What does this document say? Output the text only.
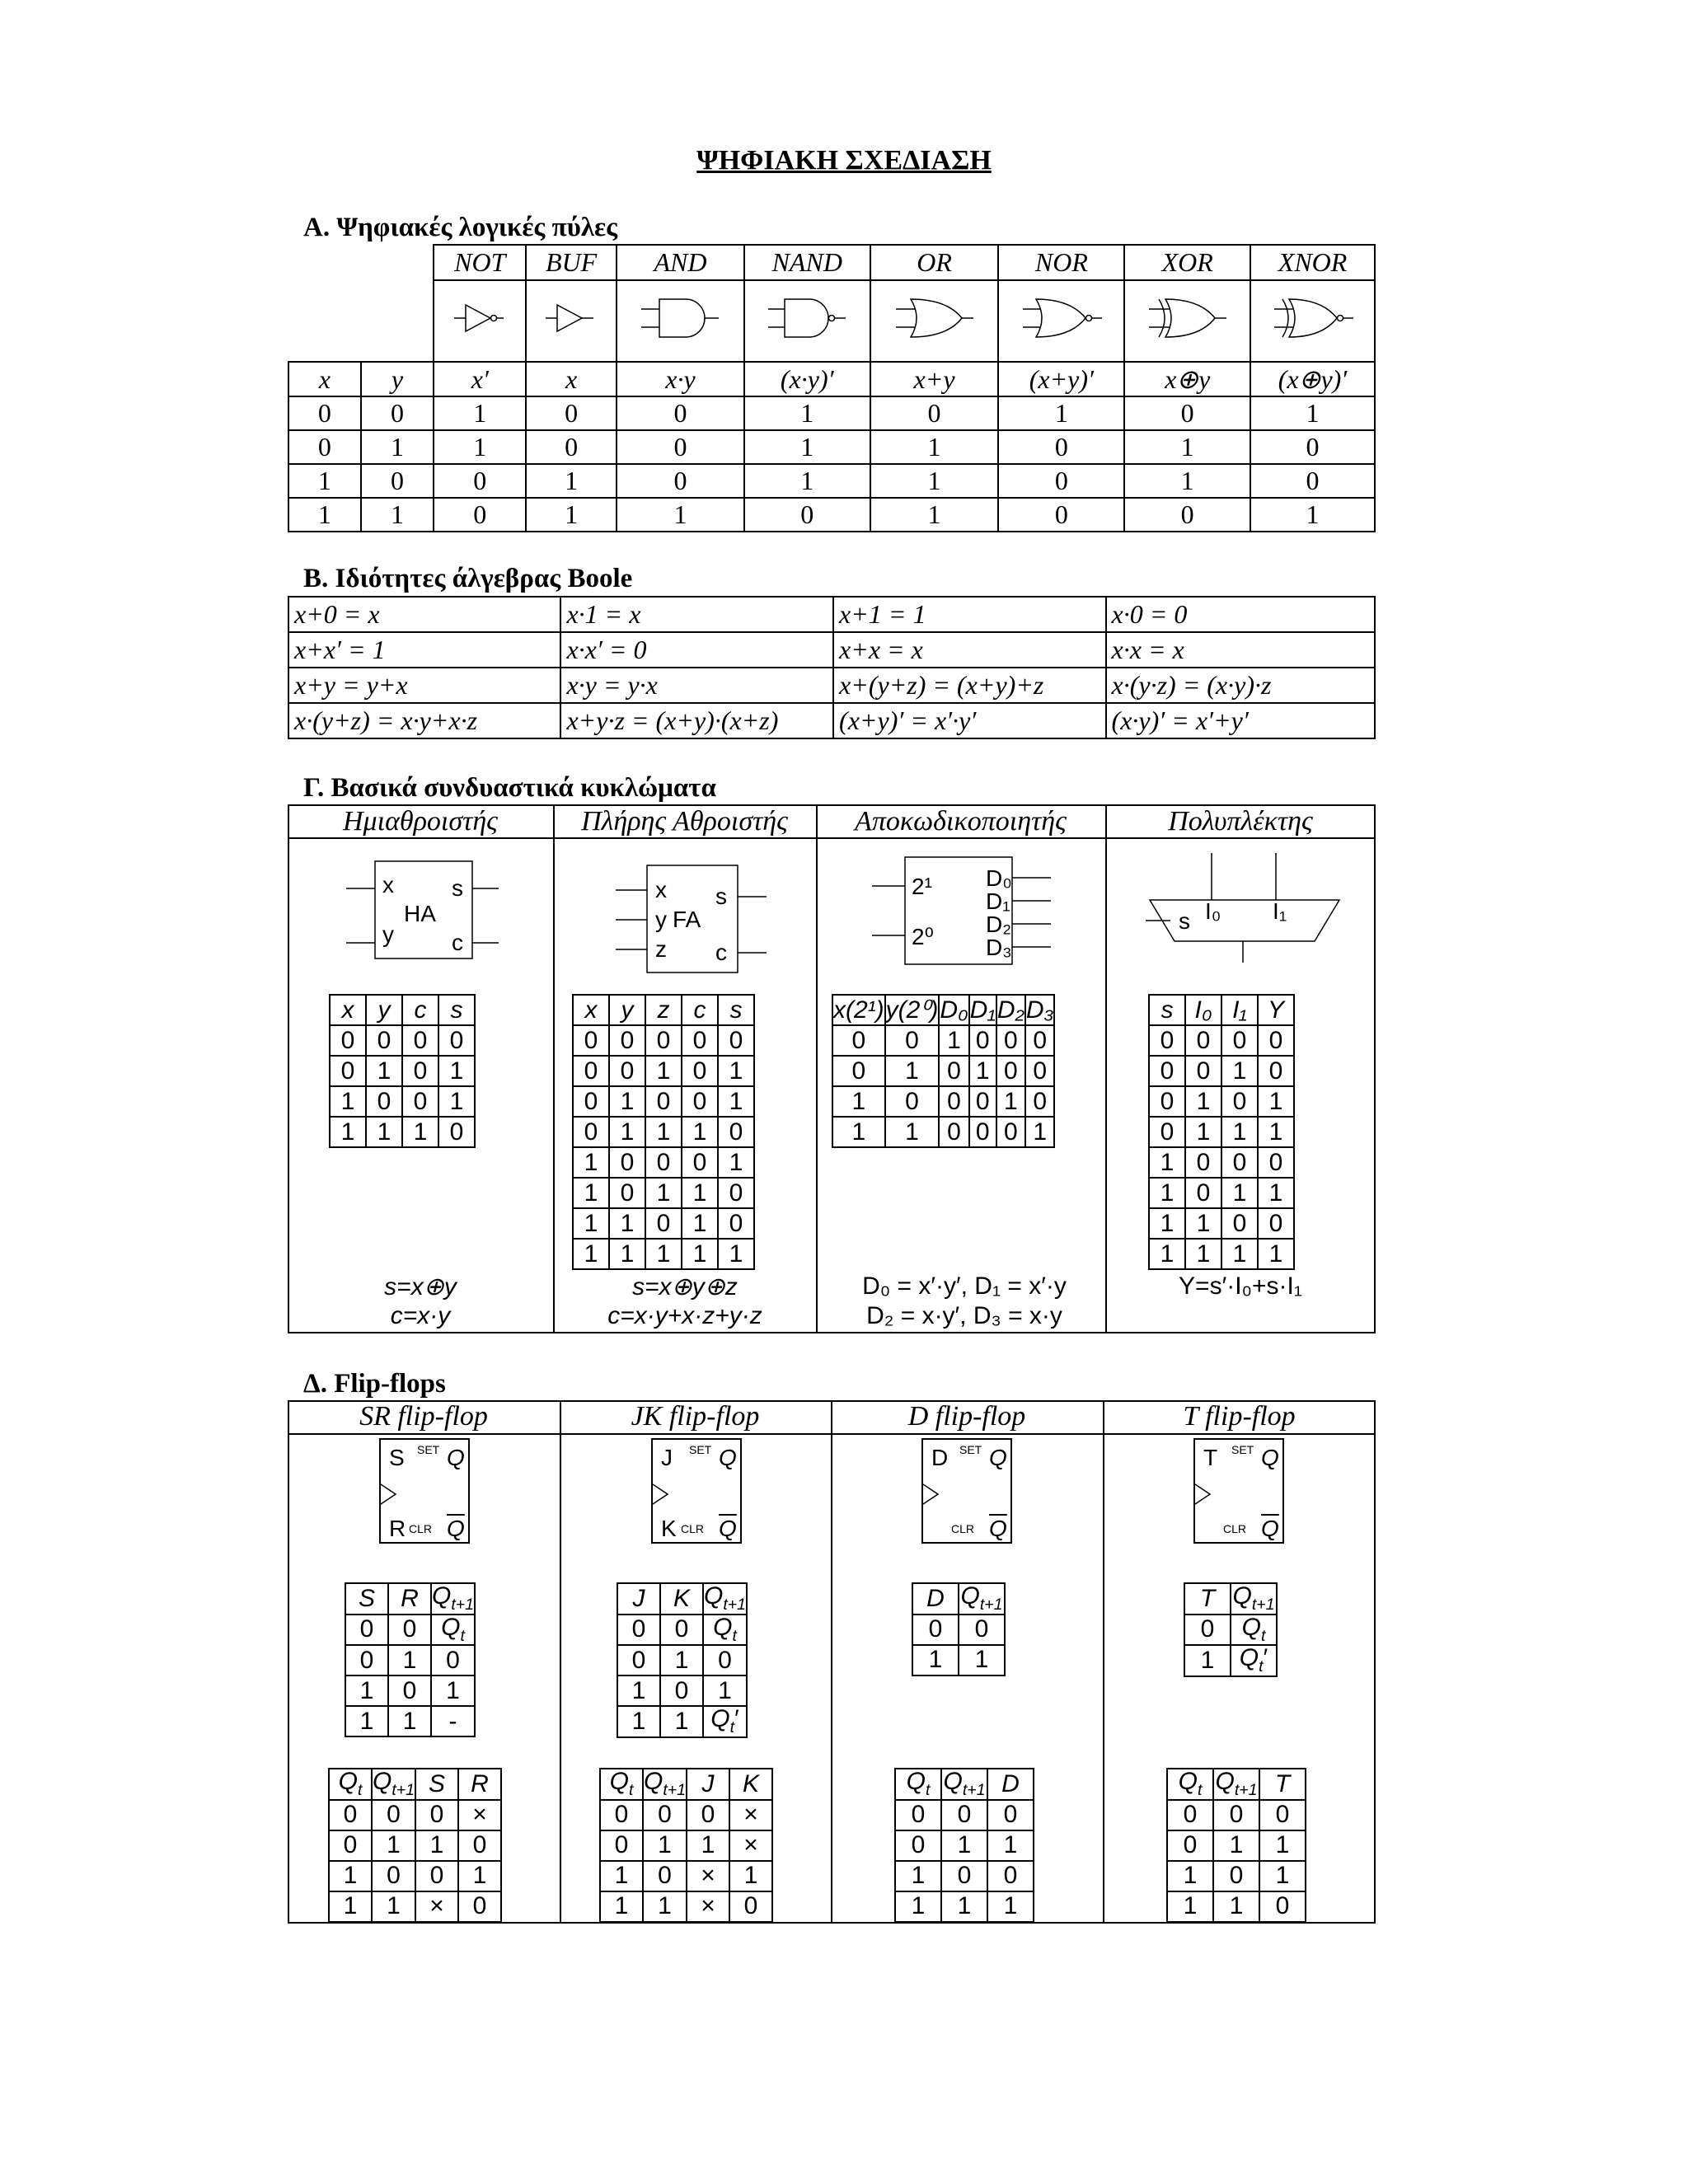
ΨΗΦΙΑΚΗ ΣΧΕΔΙΑΣΗ
Α. Ψηφιακές λογικές πύλες
		NOT	BUF	AND	NAND	OR	NOR	XOR	XNOR

x	y	x′	x	x·y	(x·y)′	x+y	(x+y)′	x⊕y	(x⊕y)′
0	0	1	0	0	1	0	1	0	1
0	1	1	0	0	1	1	0	1	0
1	0	0	1	0	1	1	0	1	0
1	1	0	1	1	0	1	0	0	1
Β. Ιδιότητες άλγεβρας Boole
x+0 = x	x·1 = x	x+1 = 1	x·0 = 0
x+x′ = 1	x·x′ = 0	x+x = x	x·x = x
x+y = y+x	x·y = y·x	x+(y+z) = (x+y)+z	x·(y·z) = (x·y)·z
x·(y+z) = x·y+x·z	x+y·z = (x+y)·(x+z)	(x+y)′ = x′·y′	(x·y)′ = x′+y′
Γ. Βασικά συνδυαστικά κυκλώματα
Ημιαθροιστής	Πλήρης Αθροιστής	Αποκωδικοποιητής	Πολυπλέκτης
x
y
HA
s
c
x
y
z
FA
s
c
2¹
2⁰
D₀
D₁
D₂
D₃
s I₀ I₁
x	y	c	s
0	0	0	0
0	1	0	1
1	0	0	1
1	1	1	0
x	y	z	c	s
0	0	0	0	0
0	0	1	0	1
0	1	0	0	1
0	1	1	1	0
1	0	0	0	1
1	0	1	1	0
1	1	0	1	0
1	1	1	1	1
x(2¹)	y(2⁰)	D₀	D₁	D₂	D₃
0	0	1	0	0	0
0	1	0	1	0	0
1	0	0	0	1	0
1	1	0	0	0	1
s	I₀	I₁	Y
0	0	0	0
0	0	1	0
0	1	0	1
0	1	1	1
1	0	0	0
1	0	1	1
1	1	0	0
1	1	1	1
s=x⊕y
c=x·y
s=x⊕y⊕z
c=x·y+x·z+y·z
D₀ = x′·y′, D₁ = x′·y
D₂ = x·y′, D₃ = x·y
Y=s′·I₀+s·I₁
Δ. Flip-flops
SR flip-flop	JK flip-flop	D flip-flop	T flip-flop
S
R
SET
CLR
Q
$\overline{Q}$
J
K
SET
CLR
Q
$\overline{Q}$
D SET
CLR
Q
$\overline{Q}$
T SET
CLR
Q
$\overline{Q}$
S	R	$Q_{t+1}$
0	0	$Q_t$
0	1	0
1	0	1
1	1	-
J	K	$Q_{t+1}$
0	0	$Q_t$
0	1	0
1	0	1
1	1	$Q_t'$
D	$Q_{t+1}$
0	0
1	1
T	$Q_{t+1}$
0	$Q_t$
1	$Q_t'$
$Q_t$	$Q_{t+1}$	S	R
0	0	0	×
0	1	1	0
1	0	0	1
1	1	×	0
$Q_t$	$Q_{t+1}$	J	K
0	0	0	×
0	1	1	×
1	0	×	1
1	1	×	0
$Q_t$	$Q_{t+1}$	D
0	0	0
0	1	1
1	0	0
1	1	1
$Q_t$	$Q_{t+1}$	T
0	0	0
0	1	1
1	0	1
1	1	0
